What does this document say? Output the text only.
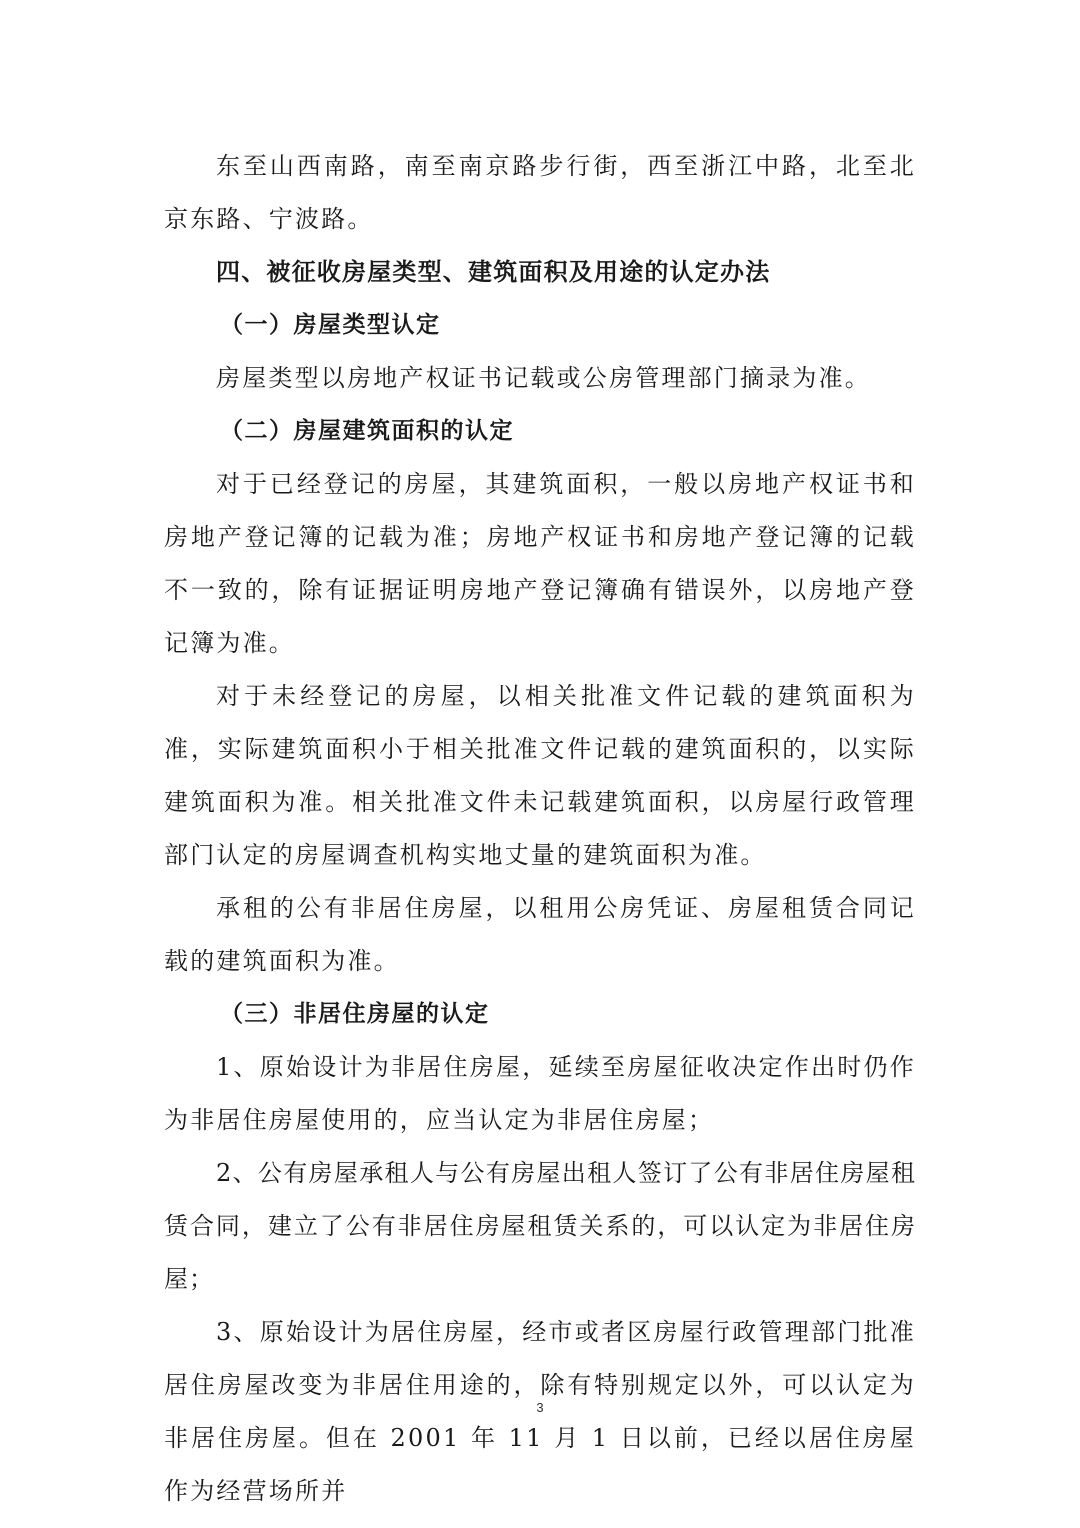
东至山西南路，南至南京路步行街，西至浙江中路，北至北京东路、宁波路。

四、被征收房屋类型、建筑面积及用途的认定办法

（一）房屋类型认定

房屋类型以房地产权证书记载或公房管理部门摘录为准。

（二）房屋建筑面积的认定

对于已经登记的房屋，其建筑面积，一般以房地产权证书和房地产登记簿的记载为准；房地产权证书和房地产登记簿的记载不一致的，除有证据证明房地产登记簿确有错误外，以房地产登记簿为准。

对于未经登记的房屋，以相关批准文件记载的建筑面积为准，实际建筑面积小于相关批准文件记载的建筑面积的，以实际建筑面积为准。相关批准文件未记载建筑面积，以房屋行政管理部门认定的房屋调查机构实地丈量的建筑面积为准。

承租的公有非居住房屋，以租用公房凭证、房屋租赁合同记载的建筑面积为准。

（三）非居住房屋的认定

1、原始设计为非居住房屋，延续至房屋征收决定作出时仍作为非居住房屋使用的，应当认定为非居住房屋；

2、公有房屋承租人与公有房屋出租人签订了公有非居住房屋租赁合同，建立了公有非居住房屋租赁关系的，可以认定为非居住房屋；

3、原始设计为居住房屋，经市或者区房屋行政管理部门批准居住房屋改变为非居住用途的，除有特别规定以外，可以认定为非居住房屋。但在 2001 年 11 月 1 日以前，已经以居住房屋作为经营场所并

3
